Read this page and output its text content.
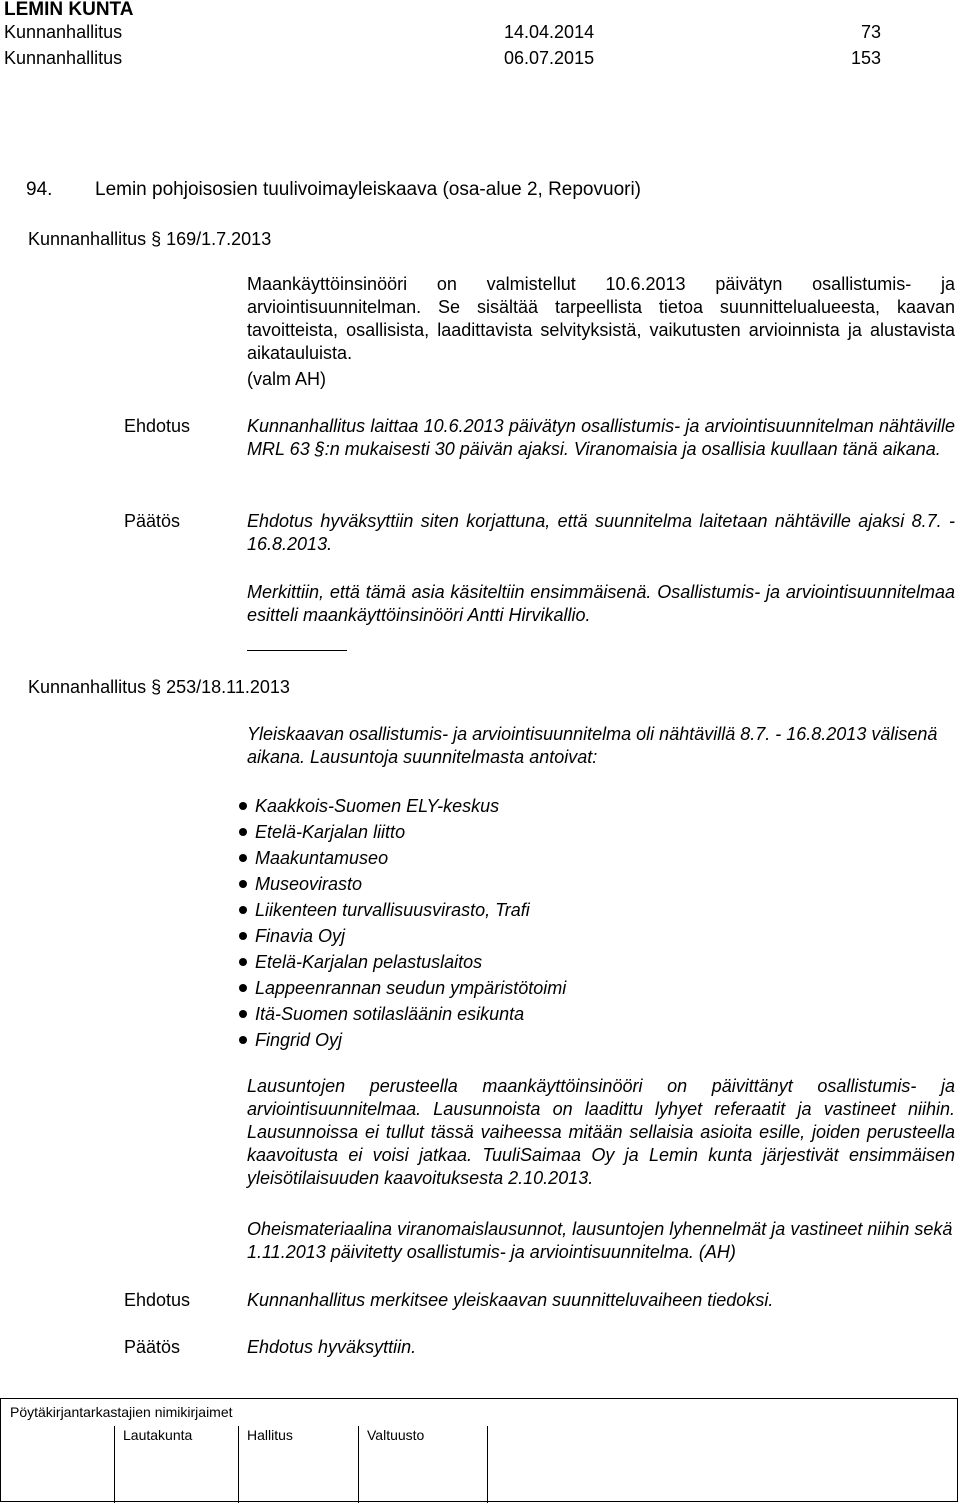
LEMIN KUNTA
Kunnanhallitus	14.04.2014	73
Kunnanhallitus	06.07.2015	153
94. Lemin pohjoisosien tuulivoimayleiskaava (osa-alue 2, Repovuori)
Kunnanhallitus § 169/1.7.2013
Maankäyttöinsinööri on valmistellut 10.6.2013 päivätyn osallistumis- ja arviointisuunnitelman. Se sisältää tarpeellista tietoa suunnittelualueesta, kaavan tavoitteista, osallisista, laadittavista selvityksistä, vaikutusten arvioinnista ja alustavista aikatauluista.
(valm AH)
Ehdotus	Kunnanhallitus laittaa 10.6.2013 päivätyn osallistumis- ja arviointisuunnitelman nähtäville MRL 63 §:n mukaisesti 30 päivän ajaksi. Viranomaisia ja osallisia kuullaan tänä aikana.
Päätös	Ehdotus hyväksyttiin siten korjattuna, että suunnitelma laitetaan nähtäville ajaksi 8.7. - 16.8.2013.
Merkittiin, että tämä asia käsiteltiin ensimmäisenä. Osallistumis- ja arviointisuunnitelmaa esitteli maankäyttöinsinööri Antti Hirvikallio.
Kunnanhallitus § 253/18.11.2013
Yleiskaavan osallistumis- ja arviointisuunnitelma oli nähtävillä 8.7. - 16.8.2013 välisenä aikana. Lausuntoja suunnitelmasta antoivat:
Kaakkois-Suomen ELY-keskus
Etelä-Karjalan liitto
Maakuntamuseo
Museovirasto
Liikenteen turvallisuusvirasto, Trafi
Finavia Oyj
Etelä-Karjalan pelastuslaitos
Lappeenrannan seudun ympäristötoimi
Itä-Suomen sotilasläänin esikunta
Fingrid Oyj
Lausuntojen perusteella maankäyttöinsinööri on päivittänyt osallistumis- ja arviointisuunnitelmaa. Lausunnoista on laadittu lyhyet referaatit ja vastineet niihin. Lausunnoissa ei tullut tässä vaiheessa mitään sellaisia asioita esille, joiden perusteella kaavoitusta ei voisi jatkaa. TuuliSaimaa Oy ja Lemin kunta järjestivät ensimmäisen yleisötilaisuuden kaavoituksesta 2.10.2013.
Oheismateriaalina viranomaislausunnot, lausuntojen lyhennelmät ja vastineet niihin sekä 1.11.2013 päivitetty osallistumis- ja arviointisuunnitelma. (AH)
Ehdotus	Kunnanhallitus merkitsee yleiskaavan suunnitteluvaiheen tiedoksi.
Päätös	Ehdotus hyväksyttiin.
Pöytäkirjantarkastajien nimikirjaimet
Lautakunta	Hallitus	Valtuusto
